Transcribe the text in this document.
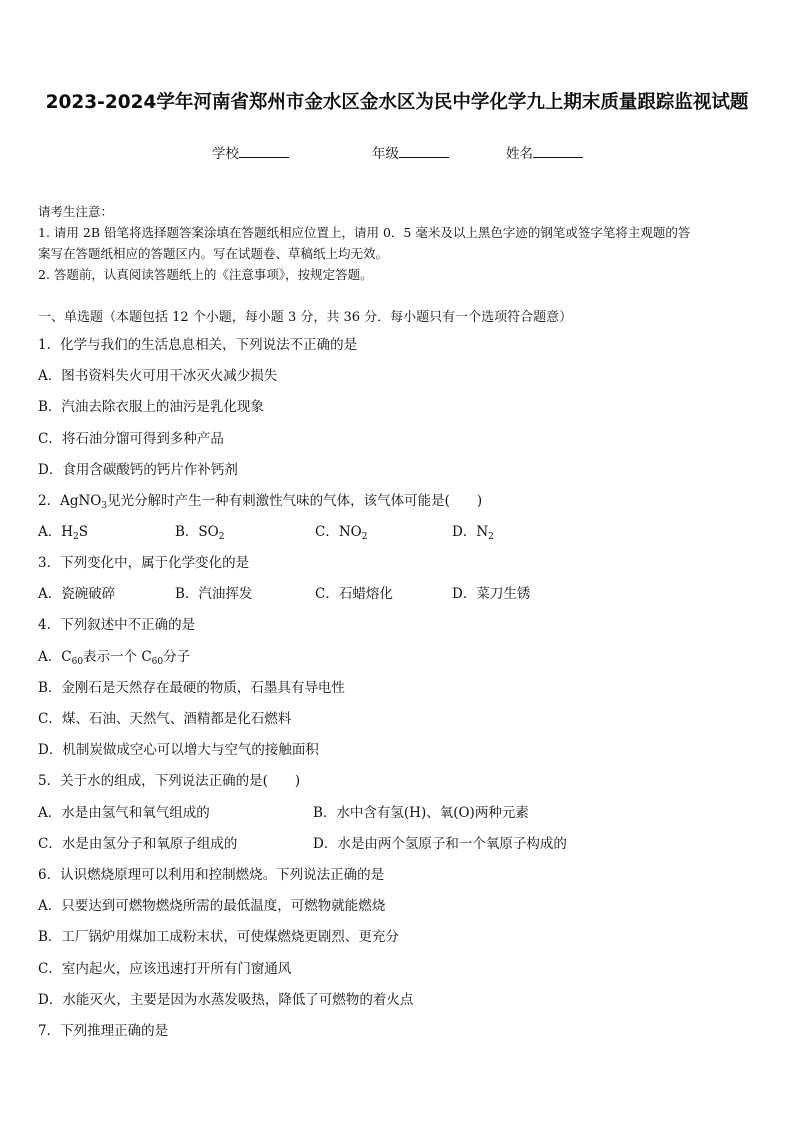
2023-2024学年河南省郑州市金水区金水区为民中学化学九上期末质量跟踪监视试题
学校	年级	姓名
请考生注意：
1. 请用 2B 铅笔将选择题答案涂填在答题纸相应位置上，请用 0．5 毫米及以上黑色字迹的钢笔或签字笔将主观题的答
案写在答题纸相应的答题区内。写在试题卷、草稿纸上均无效。
2. 答题前，认真阅读答题纸上的《注意事项》，按规定答题。
一、单选题（本题包括 12 个小题，每小题 3 分，共 36 分．每小题只有一个选项符合题意）
1．化学与我们的生活息息相关，下列说法不正确的是
A．图书资料失火可用干冰灭火减少损失
B．汽油去除衣服上的油污是乳化现象
C．将石油分馏可得到多种产品
D．食用含碳酸钙的钙片作补钙剂
2．AgNO$_3$见光分解时产生一种有刺激性气味的气体，该气体可能是(　　)
A．$H_2S$	B．$SO_2$	C．$NO_2$	D．$N_2$
3．下列变化中，属于化学变化的是
A．瓷碗破碎	B．汽油挥发	C．石蜡熔化	D．菜刀生锈
4．下列叙述中不正确的是
A．$C_{60}$表示一个 $C_{60}$分子
B．金刚石是天然存在最硬的物质，石墨具有导电性
C．煤、石油、天然气、酒精都是化石燃料
D．机制炭做成空心可以增大与空气的接触面积
5．关于水的组成，下列说法正确的是(　　)
A．水是由氢气和氧气组成的	B．水中含有氢(H)、氧(O)两种元素
C．水是由氢分子和氧原子组成的	D．水是由两个氢原子和一个氧原子构成的
6．认识燃烧原理可以利用和控制燃烧。下列说法正确的是
A．只要达到可燃物燃烧所需的最低温度，可燃物就能燃烧
B．工厂锅炉用煤加工成粉末状，可使煤燃烧更剧烈、更充分
C．室内起火，应该迅速打开所有门窗通风
D．水能灭火，主要是因为水蒸发吸热，降低了可燃物的着火点
7．下列推理正确的是
